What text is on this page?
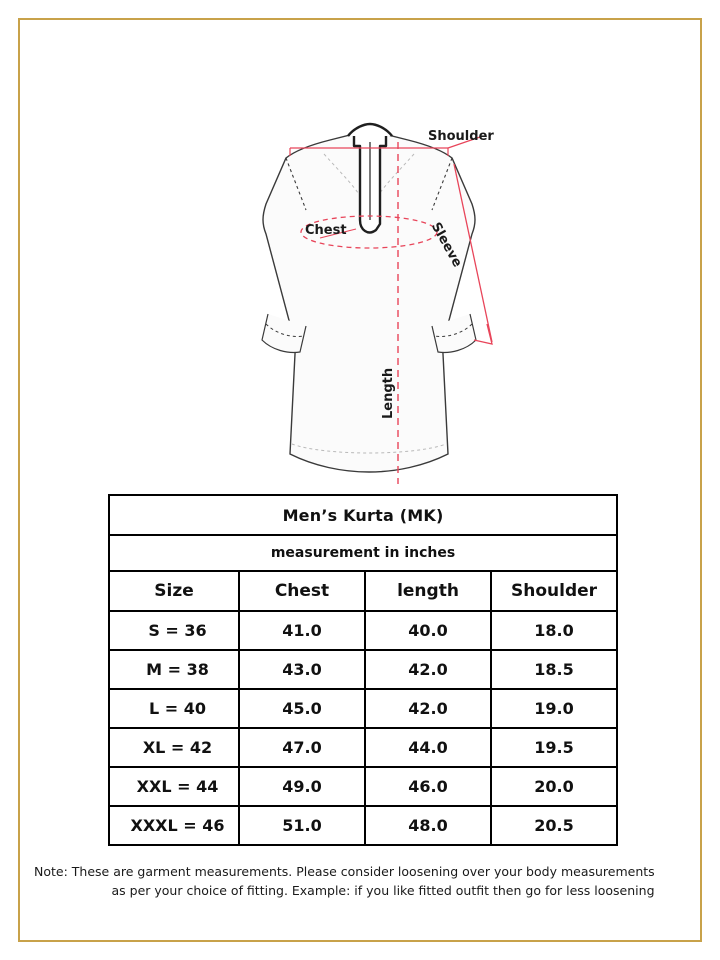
Shoulder
Chest	Sleeve
Length
Men’s Kurta (MK)			
measurement in inches			
Size	Chest	length	Shoulder
S = 36	41.0	40.0	18.0
M = 38	43.0	42.0	18.5
L = 40	45.0	42.0	19.0
XL = 42	47.0	44.0	19.5
XXL = 44	49.0	46.0	20.0
XXXL = 46	51.0	48.0	20.5
Note: These are garment measurements. Please consider loosening over your body measurements
as per your choice of fitting. Example: if you like fitted outfit then go for less loosening
